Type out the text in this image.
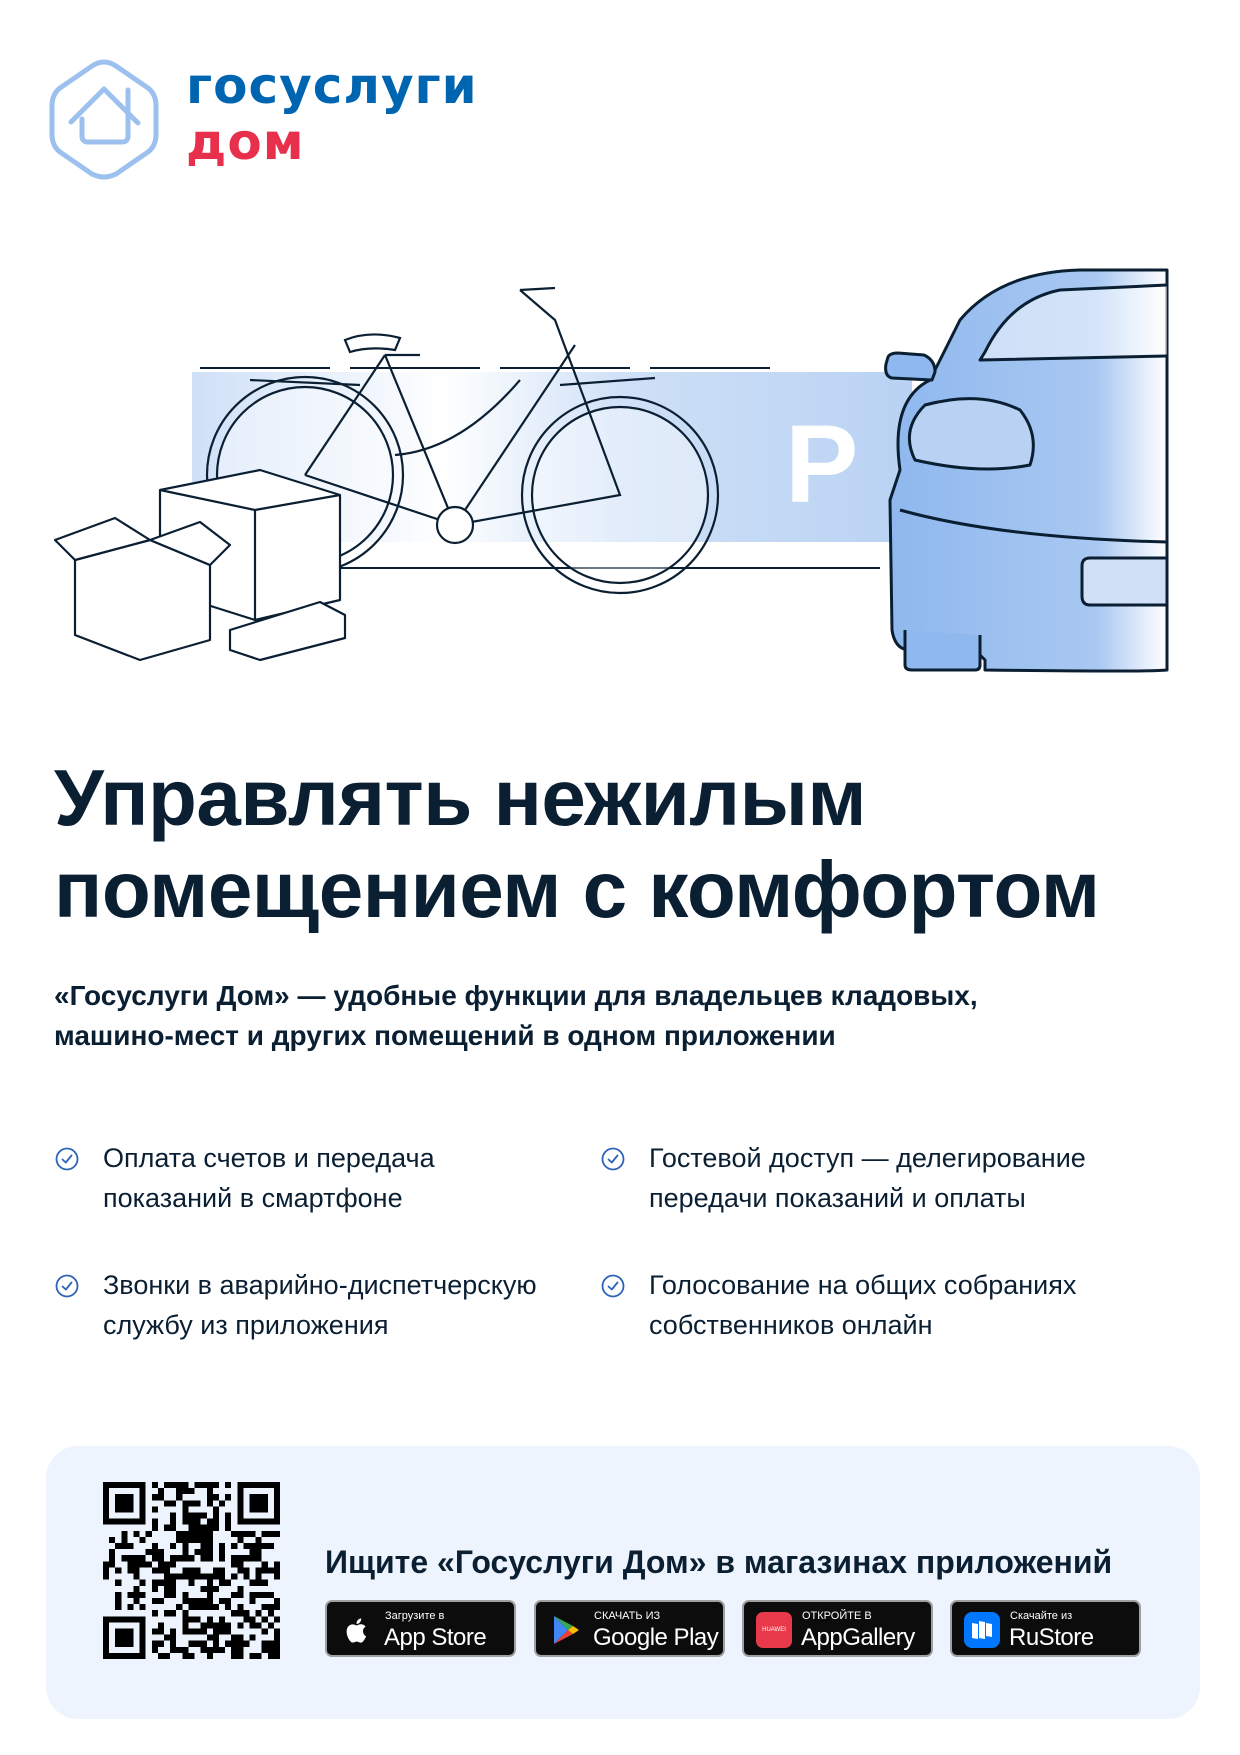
госуслуги
дом
P
Управлять нежилым
помещением с комфортом
«Госуслуги Дом» — удобные функции для владельцев кладовых,
машино-мест и других помещений в одном приложении
Оплата счетов и передача
показаний в смартфоне
Гостевой доступ — делегирование
передачи показаний и оплаты
Звонки в аварийно-диспетчерскую
службу из приложения
Голосование на общих собраниях
собственников онлайн
Ищите «Госуслуги Дом» в магазинах приложений
Загрузите в
App Store
СКАЧАТЬ ИЗ
Google Play	HUAWEI
ОТКРОЙТЕ В
AppGallery
Скачайте из
RuStore
